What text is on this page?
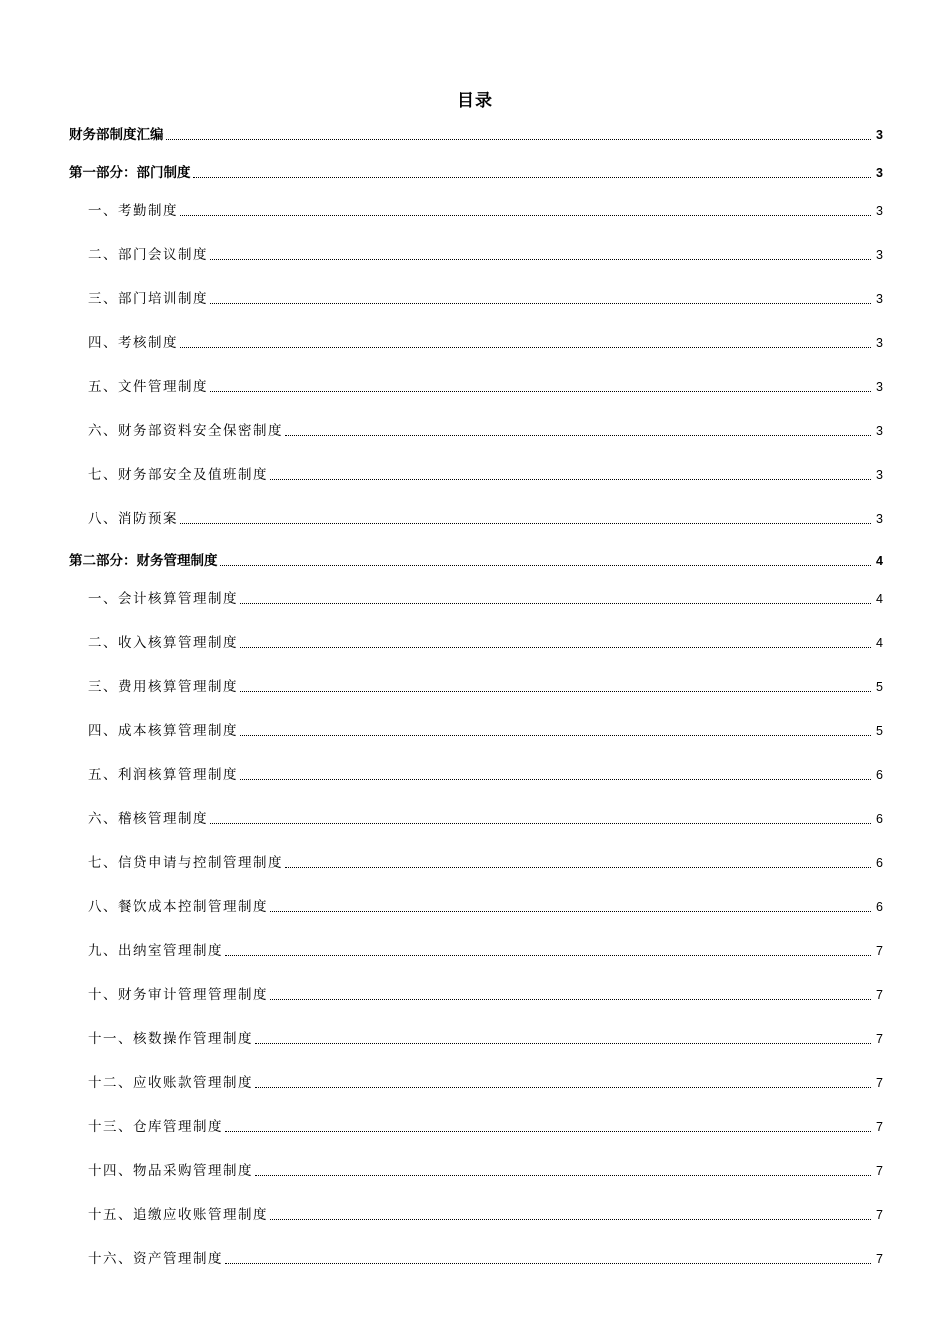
目录
财务部制度汇编	3
第一部分：部门制度	3
一、考勤制度	3
二、部门会议制度	3
三、部门培训制度	3
四、考核制度	3
五、文件管理制度	3
六、财务部资料安全保密制度	3
七、财务部安全及值班制度	3
八、消防预案	3
第二部分：财务管理制度	4
一、会计核算管理制度	4
二、收入核算管理制度	4
三、费用核算管理制度	5
四、成本核算管理制度	5
五、利润核算管理制度	6
六、稽核管理制度	6
七、信贷申请与控制管理制度	6
八、餐饮成本控制管理制度	6
九、出纳室管理制度	7
十、财务审计管理管理制度	7
十一、核数操作管理制度	7
十二、应收账款管理制度	7
十三、仓库管理制度	7
十四、物品采购管理制度	7
十五、追缴应收账管理制度	7
十六、资产管理制度	7
